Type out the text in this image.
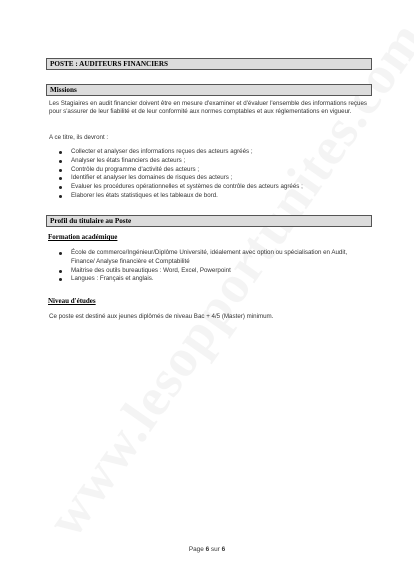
POSTE : AUDITEURS FINANCIERS
Missions
Les Stagiaires en audit financier doivent être en mesure d'examiner et d'évaluer l'ensemble des informations reçues pour s'assurer de leur fiabilité et de leur conformité aux normes comptables et aux réglementations en vigueur.
A ce titre, ils devront :
Collecter et analyser des informations reçues des acteurs agréés ;
Analyser les états financiers des acteurs ;
Contrôle du programme d'activité des acteurs ;
Identifier et analyser les domaines de risques des acteurs ;
Evaluer les procédures opérationnelles et systèmes de contrôle des acteurs agréés ;
Elaborer les états statistiques et les tableaux de bord.
Profil du titulaire au Poste
Formation académique
École de commerce/Ingénieur/Diplôme Université, idéalement avec option ou spécialisation en Audit, Finance/ Analyse financière et Comptabilité
Maitrise des outils bureautiques : Word, Excel, Powerpoint
Langues : Français et anglais.
Niveau d'études
Ce poste est destiné aux jeunes diplômés de niveau Bac + 4/5 (Master) minimum.
Page 6 sur 6
